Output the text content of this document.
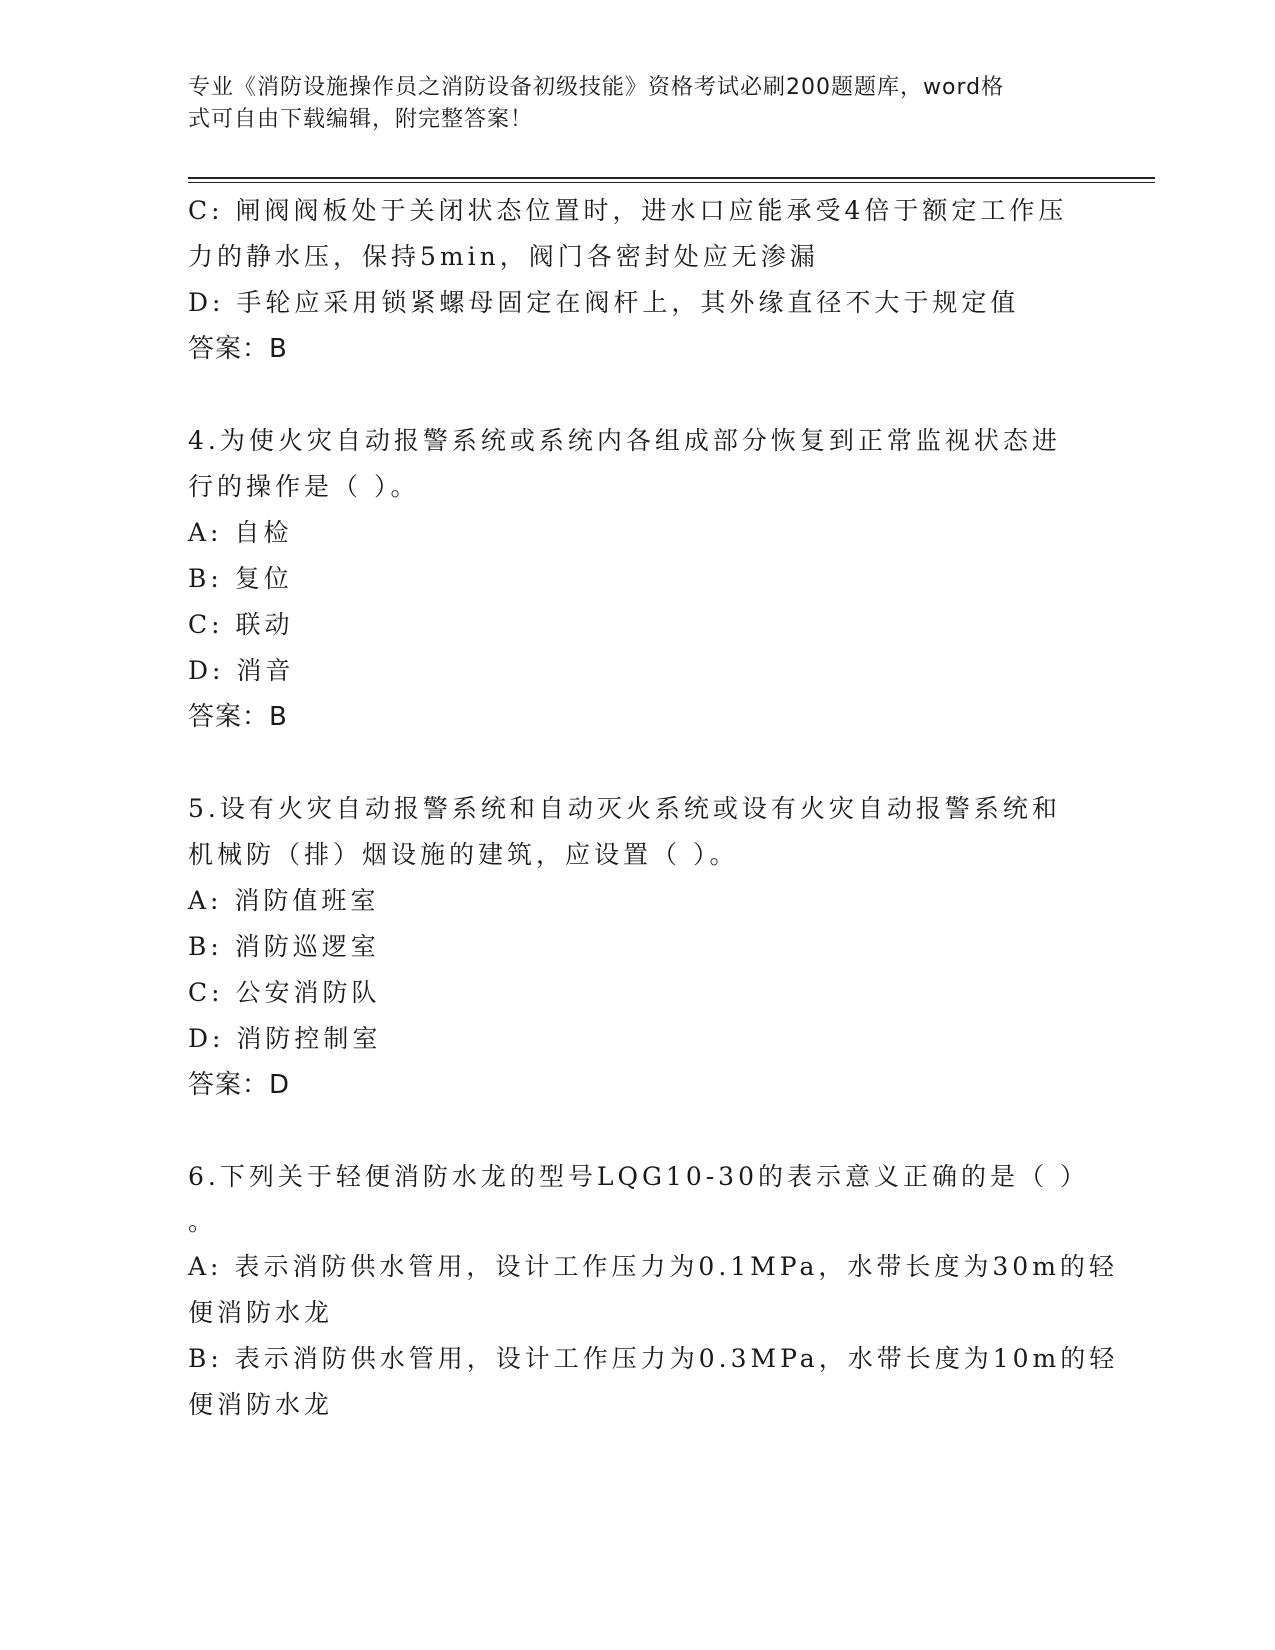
专业《消防设施操作员之消防设备初级技能》资格考试必刷200题题库，word格
式可自由下载编辑，附完整答案！

C: 闸阀阀板处于关闭状态位置时，进水口应能承受4倍于额定工作压

力的静水压，保持5min，阀门各密封处应无渗漏

D: 手轮应采用锁紧螺母固定在阀杆上，其外缘直径不大于规定值

答案：B

4.为使火灾自动报警系统或系统内各组成部分恢复到正常监视状态进

行的操作是（ ）。

A: 自检

B: 复位

C: 联动

D: 消音

答案：B

5.设有火灾自动报警系统和自动灭火系统或设有火灾自动报警系统和

机械防（排）烟设施的建筑，应设置（ ）。

A: 消防值班室

B: 消防巡逻室

C: 公安消防队

D: 消防控制室

答案：D

6.下列关于轻便消防水龙的型号LQG10-30的表示意义正确的是（ ）

。

A: 表示消防供水管用，设计工作压力为0.1MPa，水带长度为30m的轻

便消防水龙

B: 表示消防供水管用，设计工作压力为0.3MPa，水带长度为10m的轻

便消防水龙
